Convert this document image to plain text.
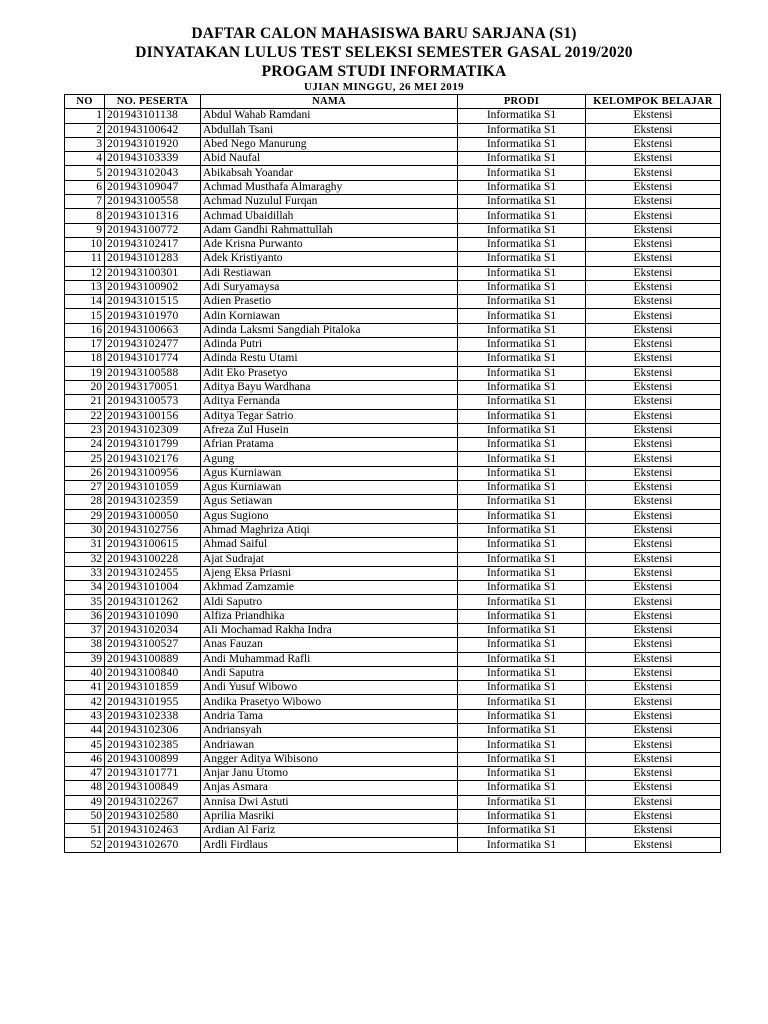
DAFTAR CALON MAHASISWA BARU SARJANA (S1)
DINYATAKAN LULUS TEST SELEKSI SEMESTER GASAL 2019/2020
PROGAM STUDI INFORMATIKA
UJIAN MINGGU, 26 MEI 2019
NO	NO. PESERTA	NAMA	PRODI	KELOMPOK BELAJAR
1	201943101138	Abdul Wahab Ramdani	Informatika S1	Ekstensi
2	201943100642	Abdullah Tsani	Informatika S1	Ekstensi
3	201943101920	Abed Nego Manurung	Informatika S1	Ekstensi
4	201943103339	Abid Naufal	Informatika S1	Ekstensi
5	201943102043	Abikabsah Yoandar	Informatika S1	Ekstensi
6	201943109047	Achmad Musthafa Almaraghy	Informatika S1	Ekstensi
7	201943100558	Achmad Nuzulul Furqan	Informatika S1	Ekstensi
8	201943101316	Achmad Ubaidillah	Informatika S1	Ekstensi
9	201943100772	Adam Gandhi Rahmattullah	Informatika S1	Ekstensi
10	201943102417	Ade Krisna Purwanto	Informatika S1	Ekstensi
11	201943101283	Adek Kristiyanto	Informatika S1	Ekstensi
12	201943100301	Adi Restiawan	Informatika S1	Ekstensi
13	201943100902	Adi Suryamaysa	Informatika S1	Ekstensi
14	201943101515	Adien Prasetio	Informatika S1	Ekstensi
15	201943101970	Adin Korniawan	Informatika S1	Ekstensi
16	201943100663	Adinda Laksmi Sangdiah Pitaloka	Informatika S1	Ekstensi
17	201943102477	Adinda Putri	Informatika S1	Ekstensi
18	201943101774	Adinda Restu Utami	Informatika S1	Ekstensi
19	201943100588	Adit Eko Prasetyo	Informatika S1	Ekstensi
20	201943170051	Aditya Bayu Wardhana	Informatika S1	Ekstensi
21	201943100573	Aditya Fernanda	Informatika S1	Ekstensi
22	201943100156	Aditya Tegar Satrio	Informatika S1	Ekstensi
23	201943102309	Afreza Zul Husein	Informatika S1	Ekstensi
24	201943101799	Afrian Pratama	Informatika S1	Ekstensi
25	201943102176	Agung	Informatika S1	Ekstensi
26	201943100956	Agus Kurniawan	Informatika S1	Ekstensi
27	201943101059	Agus Kurniawan	Informatika S1	Ekstensi
28	201943102359	Agus Setiawan	Informatika S1	Ekstensi
29	201943100050	Agus Sugiono	Informatika S1	Ekstensi
30	201943102756	Ahmad Maghriza Atiqi	Informatika S1	Ekstensi
31	201943100615	Ahmad Saiful	Informatika S1	Ekstensi
32	201943100228	Ajat Sudrajat	Informatika S1	Ekstensi
33	201943102455	Ajeng Eksa Priasni	Informatika S1	Ekstensi
34	201943101004	Akhmad Zamzamie	Informatika S1	Ekstensi
35	201943101262	Aldi Saputro	Informatika S1	Ekstensi
36	201943101090	Alfiza Priandhika	Informatika S1	Ekstensi
37	201943102034	Ali Mochamad Rakha Indra	Informatika S1	Ekstensi
38	201943100527	Anas Fauzan	Informatika S1	Ekstensi
39	201943100889	Andi Muhammad Rafli	Informatika S1	Ekstensi
40	201943100840	Andi Saputra	Informatika S1	Ekstensi
41	201943101859	Andi Yusuf Wibowo	Informatika S1	Ekstensi
42	201943101955	Andika Prasetyo Wibowo	Informatika S1	Ekstensi
43	201943102338	Andria Tama	Informatika S1	Ekstensi
44	201943102306	Andriansyah	Informatika S1	Ekstensi
45	201943102385	Andriawan	Informatika S1	Ekstensi
46	201943100899	Angger Aditya Wibisono	Informatika S1	Ekstensi
47	201943101771	Anjar Janu Utomo	Informatika S1	Ekstensi
48	201943100849	Anjas Asmara	Informatika S1	Ekstensi
49	201943102267	Annisa Dwi Astuti	Informatika S1	Ekstensi
50	201943102580	Aprilia Masriki	Informatika S1	Ekstensi
51	201943102463	Ardian Al Fariz	Informatika S1	Ekstensi
52	201943102670	Ardli Firdlaus	Informatika S1	Ekstensi
